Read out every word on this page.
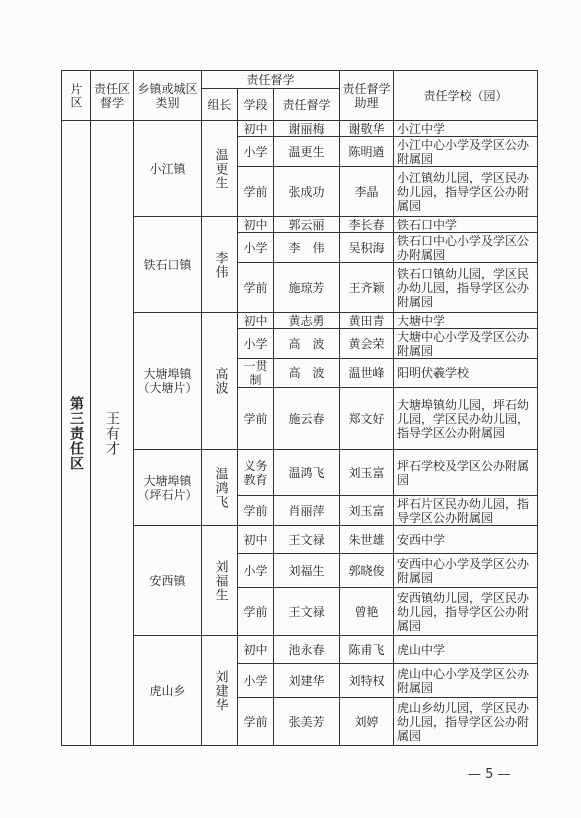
片区	责任区督学	乡镇或城区类别	责任督学			责任督学助理	责任学校（园）
			组长	学段	责任督学		

第三责任区	王有才	小江镇	温更生	初中	谢丽梅	谢敬华	小江中学
				小学	温更生	陈明遒	小江中心小学及学区公办附属园
				学前	张成功	李晶	小江镇幼儿园，学区民办幼儿园，指导学区公办附属园
		铁石口镇	李伟	初中	郭云丽	李长春	铁石口中学
				小学	李　伟	吴积海	铁石口中心小学及学区公办附属园
				学前	施琼芳	王齐颖	铁石口镇幼儿园，学区民办幼儿园，指导学区公办附属园
		大塘埠镇（大塘片）	高波	初中	黄志勇	黄田青	大塘中学
				小学	高　波	黄会荣	大塘中心小学及学区公办附属园
				一贯制	高　波	温世峰	阳明伏羲学校
				学前	施云春	郑文好	大塘埠镇幼儿园，坪石幼儿园，学区民办幼儿园，指导学区公办附属园
		大塘埠镇（坪石片）	温鸿飞	义务教育	温鸿飞	刘玉富	坪石学校及学区公办附属园
				学前	肖丽萍	刘玉富	坪石片区民办幼儿园，指导学区公办附属园
		安西镇	刘福生	初中	王文禄	朱世雄	安西中学
				小学	刘福生	郭晓俊	安西中心小学及学区公办附属园
				学前	王文禄	曾艳	安西镇幼儿园，学区民办幼儿园，指导学区公办附属园
		虎山乡	刘建华	初中	池永春	陈甫飞	虎山中学
				小学	刘建华	刘特权	虎山中心小学及学区公办附属园
				学前	张美芳	刘婷	虎山乡幼儿园，学区民办幼儿园，指导学区公办附属园
— 5 —
